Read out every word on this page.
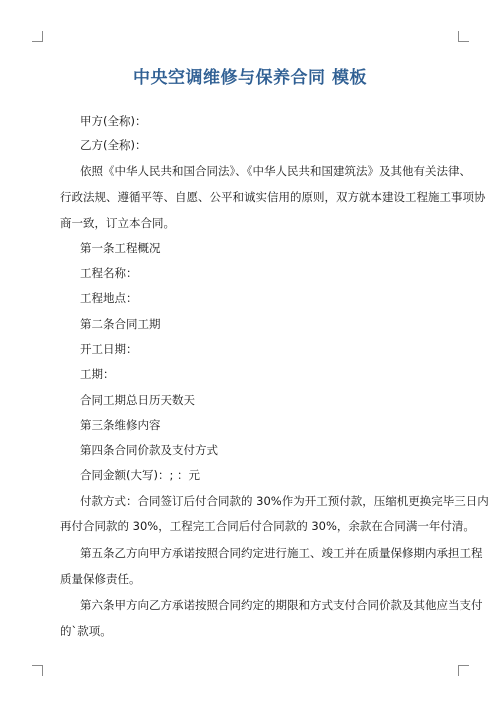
中央空调维修与保养合同 模板
甲方(全称)：
乙方(全称)：
依照《中华人民共和国合同法》、《中华人民共和国建筑法》及其他有关法律、
行政法规、遵循平等、自愿、公平和诚实信用的原则，双方就本建设工程施工事项协
商一致，订立本合同。
第一条工程概况
工程名称：
工程地点：
第二条合同工期
开工日期：
工期：
合同工期总日历天数天
第三条维修内容
第四条合同价款及支付方式
合同金额(大写)：; ：元
付款方式：合同签订后付合同款的 30%作为开工预付款，压缩机更换完毕三日内
再付合同款的 30%，工程完工合同后付合同款的 30%，余款在合同满一年付清。
第五条乙方向甲方承诺按照合同约定进行施工、竣工并在质量保修期内承担工程
质量保修责任。
第六条甲方向乙方承诺按照合同约定的期限和方式支付合同价款及其他应当支付
的`款项。
